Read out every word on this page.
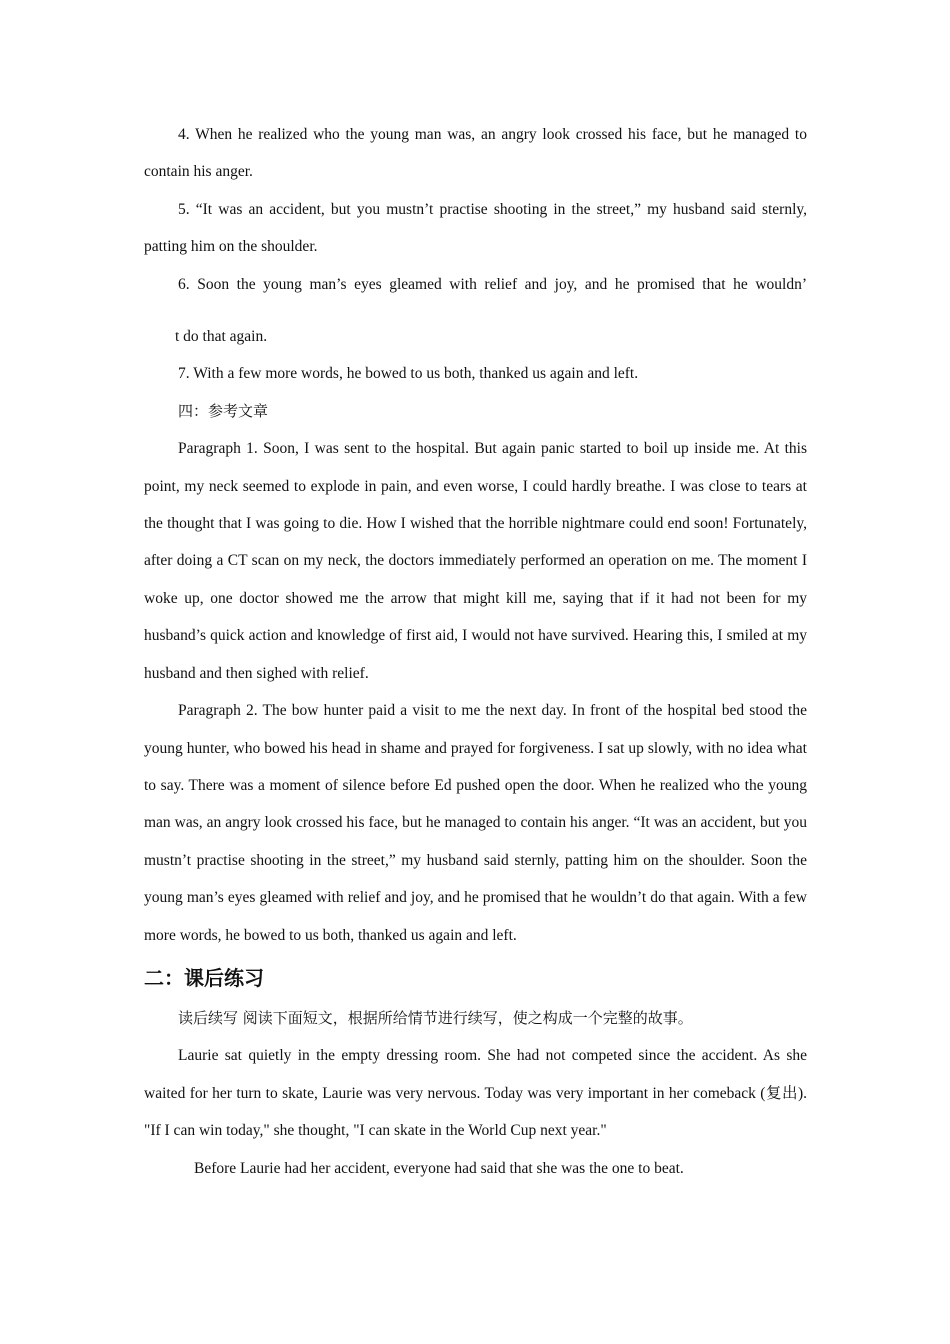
4. When he realized who the young man was, an angry look crossed his face, but he managed to contain his anger.

5. “It was an accident, but you mustn’t practise shooting in the street,” my husband said sternly, patting him on the shoulder.

6. Soon the young man’s eyes gleamed with relief and joy, and he promised that he wouldn’

t do that again.

7. With a few more words, he bowed to us both, thanked us again and left.

四：参考文章

Paragraph 1. Soon, I was sent to the hospital. But again panic started to boil up inside me. At this point, my neck seemed to explode in pain, and even worse, I could hardly breathe. I was close to tears at the thought that I was going to die. How I wished that the horrible nightmare could end soon! Fortunately, after doing a CT scan on my neck, the doctors immediately performed an operation on me. The moment I woke up, one doctor showed me the arrow that might kill me, saying that if it had not been for my husband’s quick action and knowledge of first aid, I would not have survived. Hearing this, I smiled at my husband and then sighed with relief.

Paragraph 2. The bow hunter paid a visit to me the next day. In front of the hospital bed stood the young hunter, who bowed his head in shame and prayed for forgiveness. I sat up slowly, with no idea what to say. There was a moment of silence before Ed pushed open the door. When he realized who the young man was, an angry look crossed his face, but he managed to contain his anger. “It was an accident, but you mustn’t practise shooting in the street,” my husband said sternly, patting him on the shoulder. Soon the young man’s eyes gleamed with relief and joy, and he promised that he wouldn’t do that again. With a few more words, he bowed to us both, thanked us again and left.

二：课后练习

读后续写 阅读下面短文，根据所给情节进行续写，使之构成一个完整的故事。

Laurie sat quietly in the empty dressing room. She had not competed since the accident. As she waited for her turn to skate, Laurie was very nervous. Today was very important in her comeback (复出). "If I can win today," she thought, "I can skate in the World Cup next year."

Before Laurie had her accident, everyone had said that she was the one to beat.
